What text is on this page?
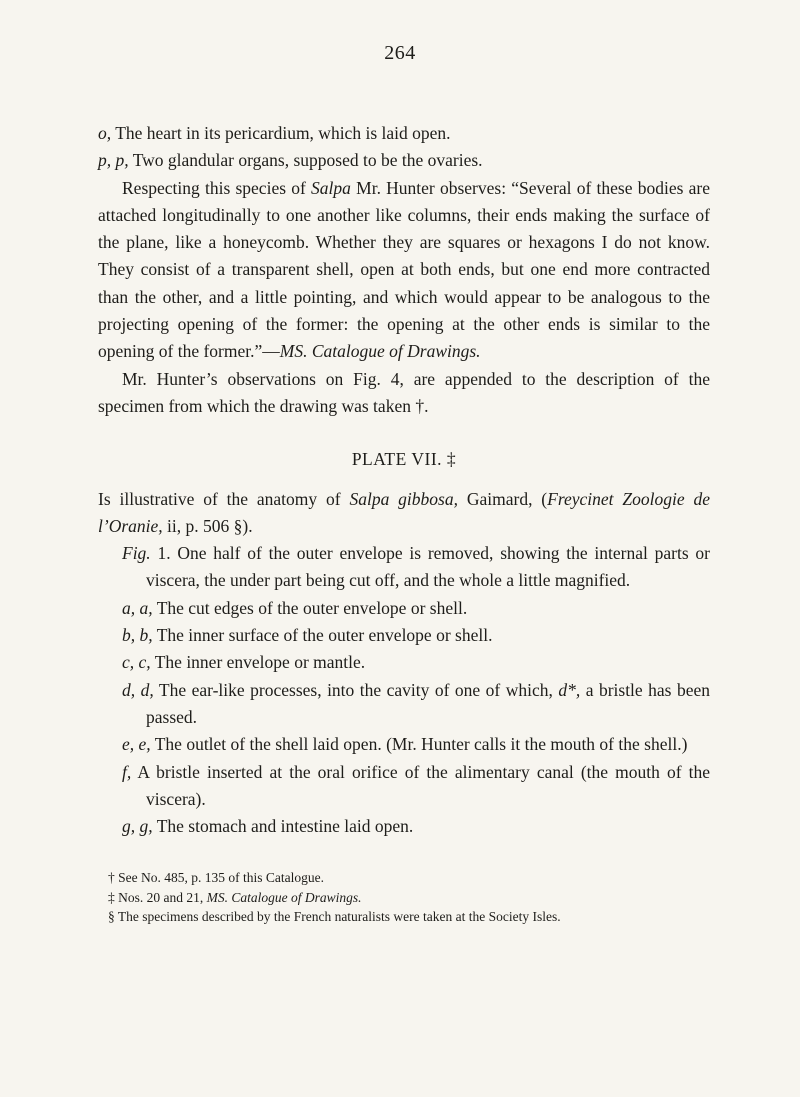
264

o, The heart in its pericardium, which is laid open.

p, p, Two glandular organs, supposed to be the ovaries.

Respecting this species of Salpa Mr. Hunter observes: “Several of these bodies are attached longitudinally to one another like columns, their ends making the surface of the plane, like a honeycomb. Whether they are squares or hexagons I do not know. They consist of a transparent shell, open at both ends, but one end more contracted than the other, and a little pointing, and which would appear to be analogous to the projecting opening of the former: the opening at the other ends is similar to the opening of the former.”—MS. Catalogue of Drawings.

Mr. Hunter’s observations on Fig. 4, are appended to the description of the specimen from which the drawing was taken †.

PLATE VII. ‡

Is illustrative of the anatomy of Salpa gibbosa, Gaimard, (Freycinet Zoologie de l’Oranie, ii, p. 506 §).

Fig. 1. One half of the outer envelope is removed, showing the internal parts or viscera, the under part being cut off, and the whole a little magnified.

a, a, The cut edges of the outer envelope or shell.

b, b, The inner surface of the outer envelope or shell.

c, c, The inner envelope or mantle.

d, d, The ear-like processes, into the cavity of one of which, d*, a bristle has been passed.

e, e, The outlet of the shell laid open. (Mr. Hunter calls it the mouth of the shell.)

f, A bristle inserted at the oral orifice of the alimentary canal (the mouth of the viscera).

g, g, The stomach and intestine laid open.

† See No. 485, p. 135 of this Catalogue.

‡ Nos. 20 and 21, MS. Catalogue of Drawings.

§ The specimens described by the French naturalists were taken at the Society Isles.
